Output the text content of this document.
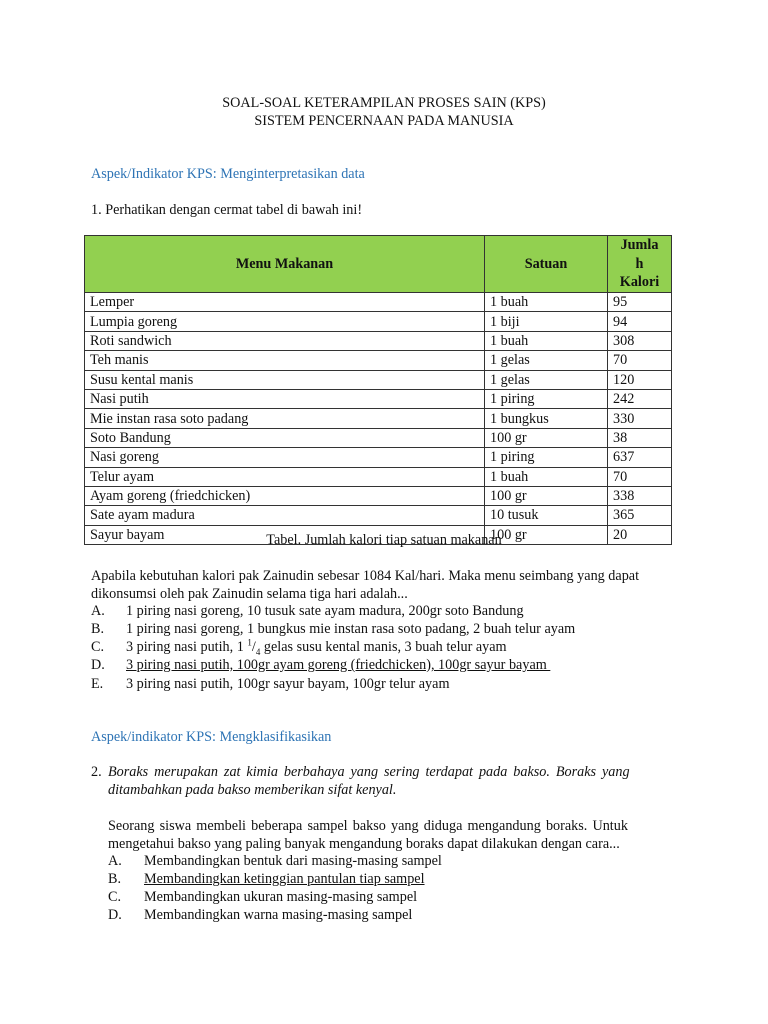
SOAL-SOAL KETERAMPILAN PROSES SAIN (KPS)
SISTEM PENCERNAAN PADA MANUSIA
Aspek/Indikator KPS: Menginterpretasikan data
1. Perhatikan dengan cermat tabel di bawah ini!
Menu Makanan	Satuan	Jumla
h
Kalori
Lemper	1 buah	95
Lumpia goreng	1 biji	94
Roti sandwich	1 buah	308
Teh manis	1 gelas	70
Susu kental manis	1 gelas	120
Nasi putih	1 piring	242
Mie instan rasa soto padang	1 bungkus	330
Soto Bandung	100 gr	38
Nasi goreng	1 piring	637
Telur ayam	1 buah	70
Ayam goreng (friedchicken)	100 gr	338
Sate ayam madura	10 tusuk	365
Sayur bayam	100 gr	20
Tabel. Jumlah kalori tiap satuan makanan
Apabila kebutuhan kalori pak Zainudin sebesar 1084 Kal/hari. Maka menu seimbang yang dapat
dikonsumsi oleh pak Zainudin selama tiga hari adalah...
A. 1 piring nasi goreng, 10 tusuk sate ayam madura, 200gr soto Bandung
B. 1 piring nasi goreng, 1 bungkus mie instan rasa soto padang, 2 buah telur ayam
C. 3 piring nasi putih, 1 $^1/_4$ gelas susu kental manis, 3 buah telur ayam
D. 3 piring nasi putih, 100gr ayam goreng (friedchicken), 100gr sayur bayam
E. 3 piring nasi putih, 100gr sayur bayam, 100gr telur ayam
Aspek/indikator KPS: Mengklasifikasikan
2. Boraks merupakan zat kimia berbahaya yang sering terdapat pada bakso. Boraks yang
ditambahkan pada bakso memberikan sifat kenyal.
Seorang siswa membeli beberapa sampel bakso yang diduga mengandung boraks. Untuk
mengetahui bakso yang paling banyak mengandung boraks dapat dilakukan dengan cara...
A. Membandingkan bentuk dari masing-masing sampel
B. Membandingkan ketinggian pantulan tiap sampel
C. Membandingkan ukuran masing-masing sampel
D. Membandingkan warna masing-masing sampel
